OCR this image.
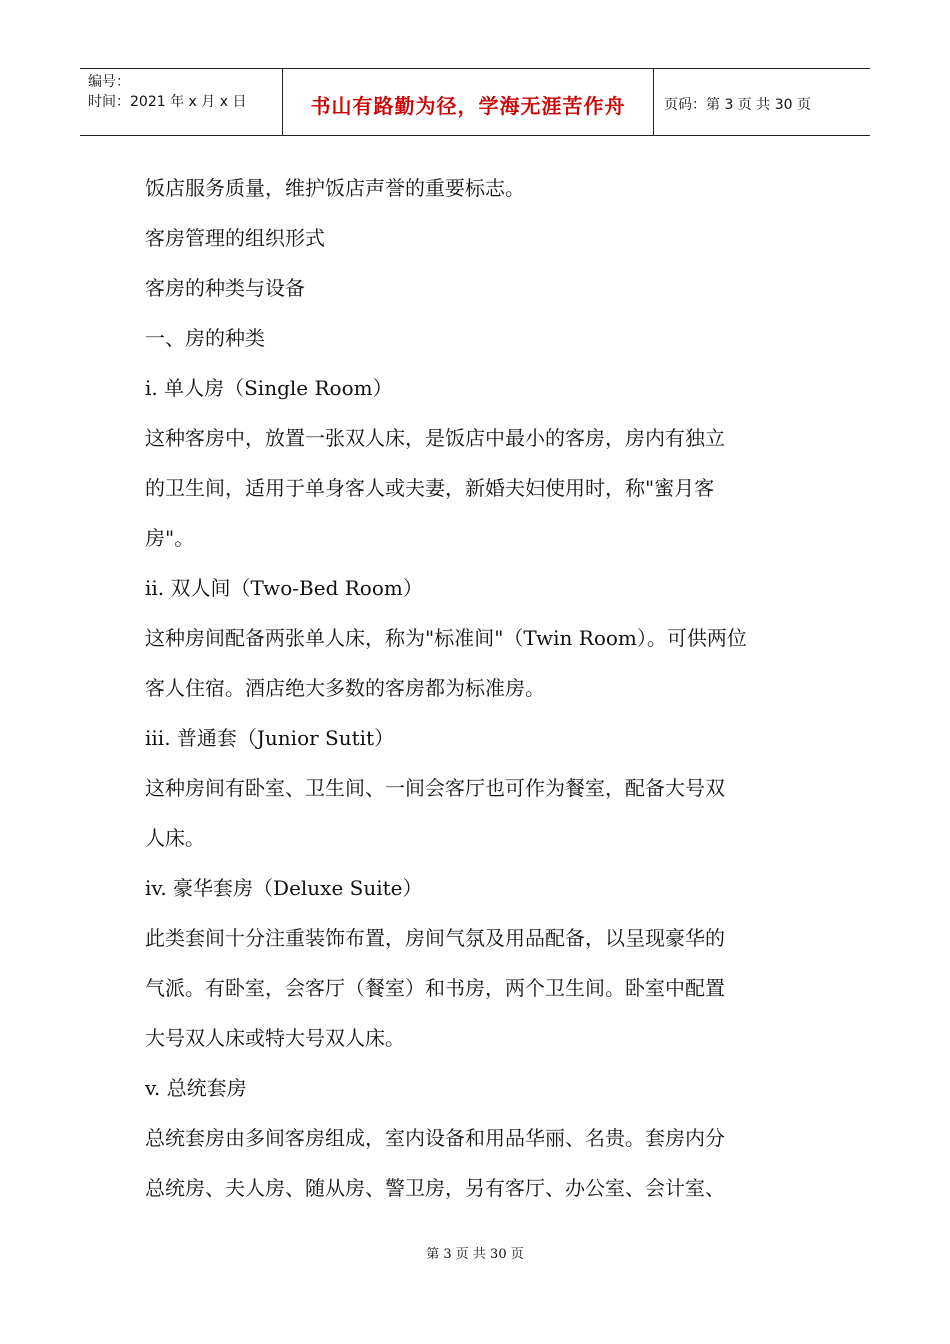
编号：
时间：2021 年 x 月 x 日	书山有路勤为径，学海无涯苦作舟	页码：第 3 页 共 30 页
饭店服务质量，维护饭店声誉的重要标志。
客房管理的组织形式
客房的种类与设备
一、房的种类
i. 单人房（Single Room）
这种客房中，放置一张双人床，是饭店中最小的客房，房内有独立
的卫生间，适用于单身客人或夫妻，新婚夫妇使用时，称"蜜月客
房"。
ii. 双人间（Two-Bed Room）
这种房间配备两张单人床，称为"标准间"（Twin Room）。可供两位
客人住宿。酒店绝大多数的客房都为标准房。
iii. 普通套（Junior Sutit）
这种房间有卧室、卫生间、一间会客厅也可作为餐室，配备大号双
人床。
iv. 豪华套房（Deluxe Suite）
此类套间十分注重装饰布置，房间气氛及用品配备，以呈现豪华的
气派。有卧室，会客厅（餐室）和书房，两个卫生间。卧室中配置
大号双人床或特大号双人床。
v. 总统套房
总统套房由多间客房组成，室内设备和用品华丽、名贵。套房内分
总统房、夫人房、随从房、警卫房，另有客厅、办公室、会计室、
第 3 页 共 30 页
